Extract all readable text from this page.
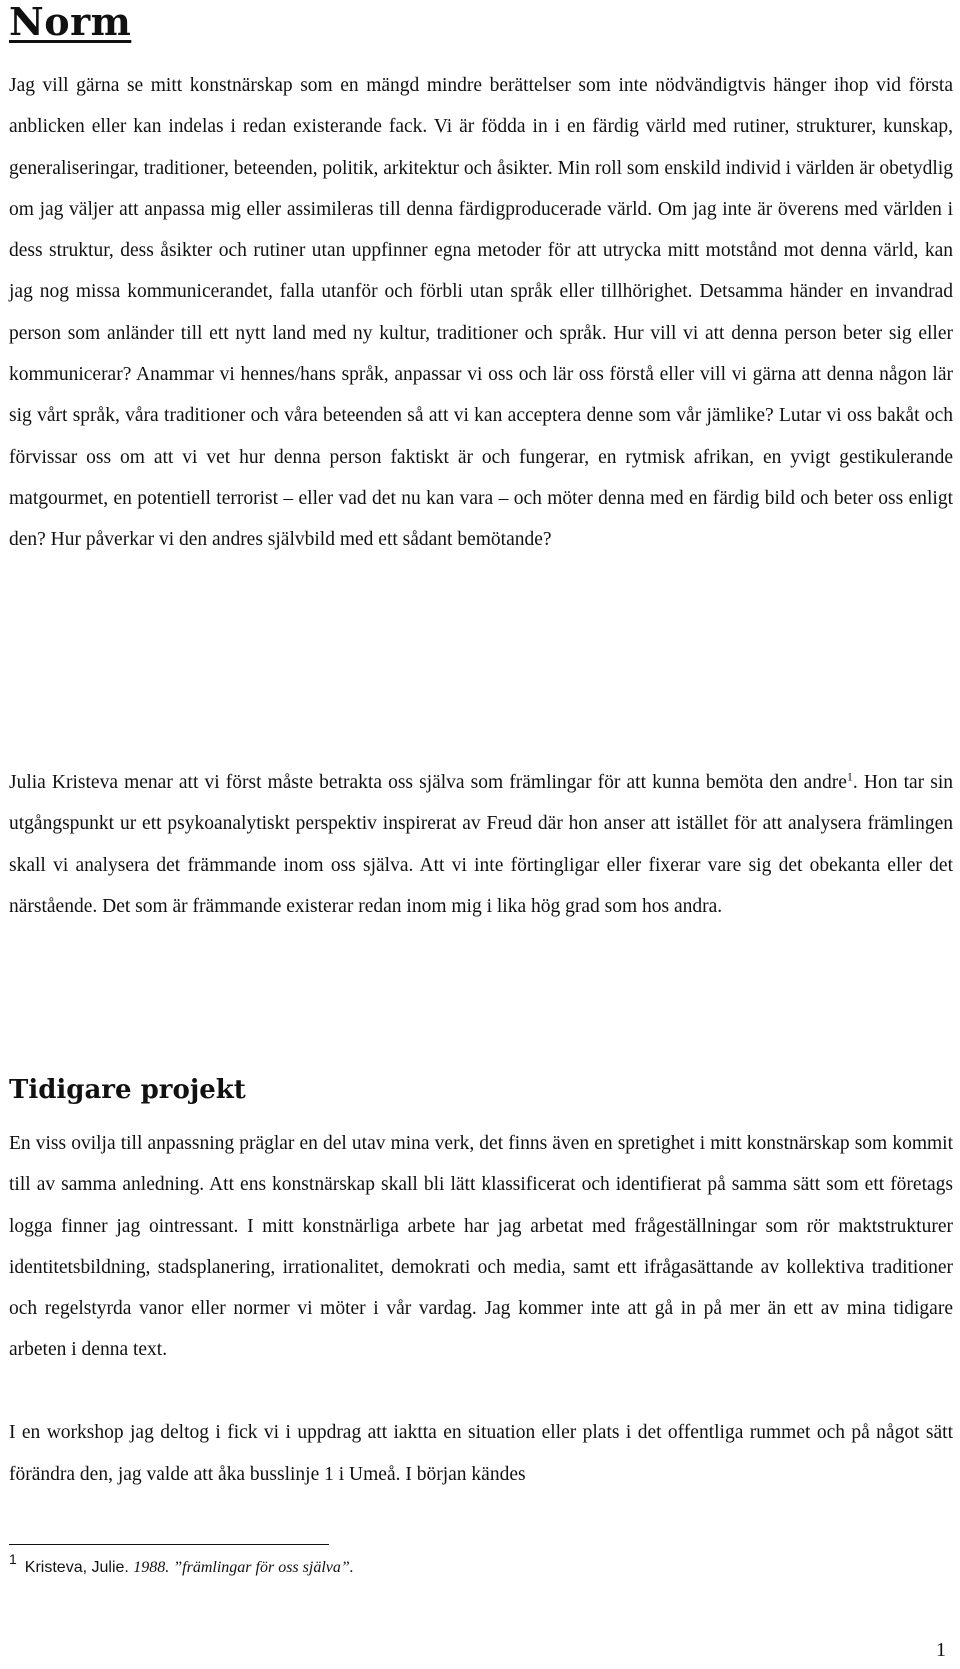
Norm

Jag vill gärna se mitt konstnärskap som en mängd mindre berättelser som inte nödvändigtvis hänger ihop vid första anblicken eller kan indelas i redan existerande fack. Vi är födda in i en färdig värld med rutiner, strukturer, kunskap, generaliseringar, traditioner, beteenden, politik, arkitektur och åsikter. Min roll som enskild individ i världen är obetydlig om jag väljer att anpassa mig eller assimileras till denna färdigproducerade värld. Om jag inte är överens med världen i dess struktur, dess åsikter och rutiner utan uppfinner egna metoder för att utrycka mitt motstånd mot denna värld, kan jag nog missa kommunicerandet, falla utanför och förbli utan språk eller tillhörighet. Detsamma händer en invandrad person som anländer till ett nytt land med ny kultur, traditioner och språk. Hur vill vi att denna person beter sig eller kommunicerar? Anammar vi hennes/hans språk, anpassar vi oss och lär oss förstå eller vill vi gärna att denna någon lär sig vårt språk, våra traditioner och våra beteenden så att vi kan acceptera denne som vår jämlike? Lutar vi oss bakåt och förvissar oss om att vi vet hur denna person faktiskt är och fungerar, en rytmisk afrikan, en yvigt gestikulerande matgourmet, en potentiell terrorist – eller vad det nu kan vara – och möter denna med en färdig bild och beter oss enligt den? Hur påverkar vi den andres självbild med ett sådant bemötande?

Julia Kristeva menar att vi först måste betrakta oss själva som främlingar för att kunna bemöta den andre$^1$. Hon tar sin utgångspunkt ur ett psykoanalytiskt perspektiv inspirerat av Freud där hon anser att istället för att analysera främlingen skall vi analysera det främmande inom oss själva. Att vi inte förtingligar eller fixerar vare sig det obekanta eller det närstående. Det som är främmande existerar redan inom mig i lika hög grad som hos andra.

Tidigare projekt

En viss ovilja till anpassning präglar en del utav mina verk, det finns även en spretighet i mitt konstnärskap som kommit till av samma anledning. Att ens konstnärskap skall bli lätt klassificerat och identifierat på samma sätt som ett företags logga finner jag ointressant. I mitt konstnärliga arbete har jag arbetat med frågeställningar som rör maktstrukturer identitetsbildning, stadsplanering, irrationalitet, demokrati och media, samt ett ifrågasättande av kollektiva traditioner och regelstyrda vanor eller normer vi möter i vår vardag. Jag kommer inte att gå in på mer än ett av mina tidigare arbeten i denna text.

I en workshop jag deltog i fick vi i uppdrag att iaktta en situation eller plats i det offentliga rummet och på något sätt förändra den, jag valde att åka busslinje 1 i Umeå. I början kändes

1 Kristeva, Julie. 1988. ”främlingar för oss själva”.

1
